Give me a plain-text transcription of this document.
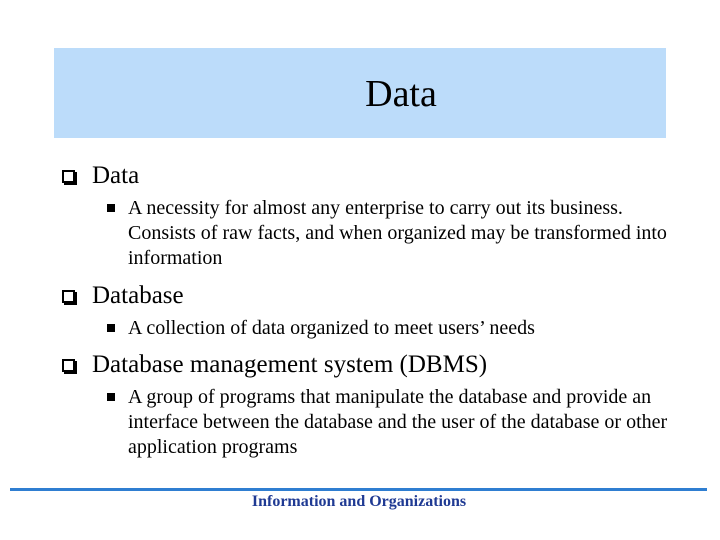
Data
Data
A necessity for almost any enterprise to carry out its business. Consists of raw facts, and when organized may be transformed into information
Database
A collection of data organized to meet users’ needs
Database management system (DBMS)
A group of programs that manipulate the database and provide an interface between the database and the user of the database or other application programs
Information and Organizations
